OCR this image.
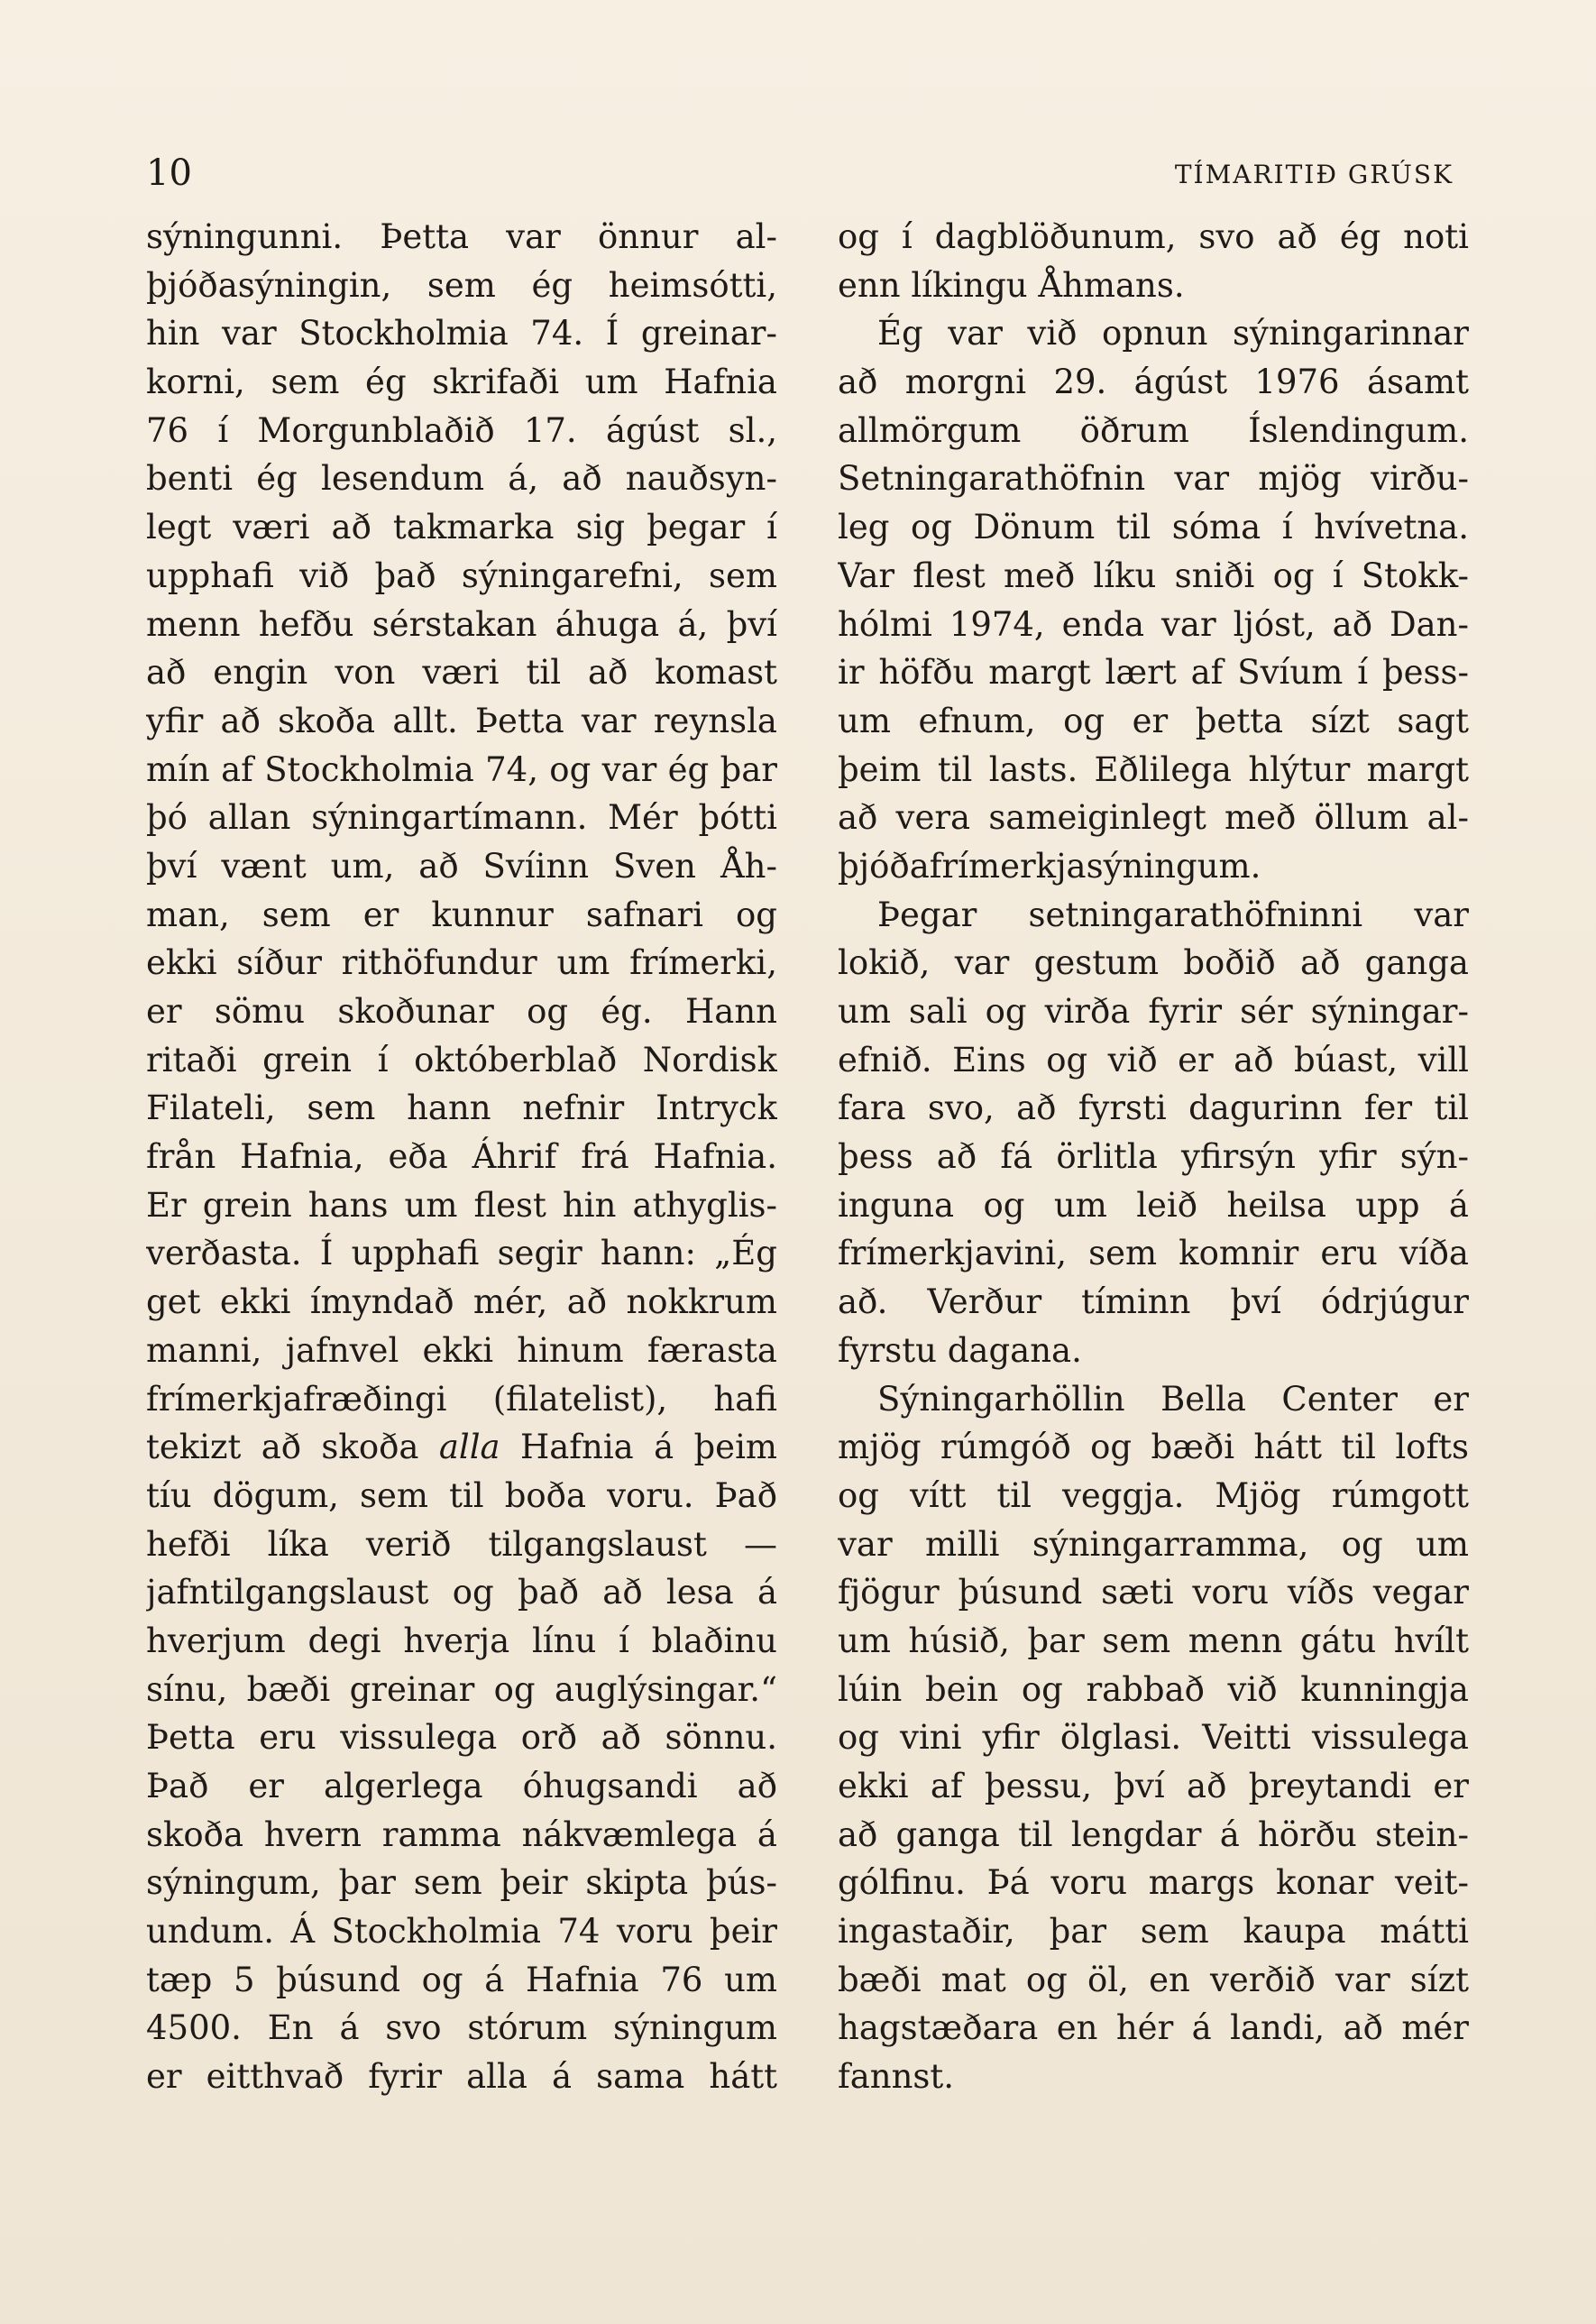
10	TÍMARITIÐ GRÚSK
sýningunni. Þetta var önnur al-
þjóðasýningin, sem ég heimsótti,
hin var Stockholmia 74. Í greinar-
korni, sem ég skrifaði um Hafnia
76 í Morgunblaðið 17. ágúst sl.,
benti ég lesendum á, að nauðsyn-
legt væri að takmarka sig þegar í
upphafi við það sýningarefni, sem
menn hefðu sérstakan áhuga á, því
að engin von væri til að komast
yfir að skoða allt. Þetta var reynsla
mín af Stockholmia 74, og var ég þar
þó allan sýningartímann. Mér þótti
því vænt um, að Svíinn Sven Åh-
man, sem er kunnur safnari og
ekki síður rithöfundur um frímerki,
er sömu skoðunar og ég. Hann
ritaði grein í októberblað Nordisk
Filateli, sem hann nefnir Intryck
från Hafnia, eða Áhrif frá Hafnia.
Er grein hans um flest hin athyglis-
verðasta. Í upphafi segir hann: „Ég
get ekki ímyndað mér, að nokkrum
manni, jafnvel ekki hinum færasta
frímerkjafræðingi (filatelist), hafi
tekizt að skoða alla Hafnia á þeim
tíu dögum, sem til boða voru. Það
hefði líka verið tilgangslaust —
jafntilgangslaust og það að lesa á
hverjum degi hverja línu í blaðinu
sínu, bæði greinar og auglýsingar.“
Þetta eru vissulega orð að sönnu.
Það er algerlega óhugsandi að
skoða hvern ramma nákvæmlega á
sýningum, þar sem þeir skipta þús-
undum. Á Stockholmia 74 voru þeir
tæp 5 þúsund og á Hafnia 76 um
4500. En á svo stórum sýningum
er eitthvað fyrir alla á sama hátt
og í dagblöðunum, svo að ég noti
enn líkingu Åhmans.
Ég var við opnun sýningarinnar
að morgni 29. ágúst 1976 ásamt
allmörgum öðrum Íslendingum.
Setningarathöfnin var mjög virðu-
leg og Dönum til sóma í hvívetna.
Var flest með líku sniði og í Stokk-
hólmi 1974, enda var ljóst, að Dan-
ir höfðu margt lært af Svíum í þess-
um efnum, og er þetta sízt sagt
þeim til lasts. Eðlilega hlýtur margt
að vera sameiginlegt með öllum al-
þjóðafrímerkjasýningum.
Þegar setningarathöfninni var
lokið, var gestum boðið að ganga
um sali og virða fyrir sér sýningar-
efnið. Eins og við er að búast, vill
fara svo, að fyrsti dagurinn fer til
þess að fá örlitla yfirsýn yfir sýn-
inguna og um leið heilsa upp á
frímerkjavini, sem komnir eru víða
að. Verður tíminn því ódrjúgur
fyrstu dagana.
Sýningarhöllin Bella Center er
mjög rúmgóð og bæði hátt til lofts
og vítt til veggja. Mjög rúmgott
var milli sýningarramma, og um
fjögur þúsund sæti voru víðs vegar
um húsið, þar sem menn gátu hvílt
lúin bein og rabbað við kunningja
og vini yfir ölglasi. Veitti vissulega
ekki af þessu, því að þreytandi er
að ganga til lengdar á hörðu stein-
gólfinu. Þá voru margs konar veit-
ingastaðir, þar sem kaupa mátti
bæði mat og öl, en verðið var sízt
hagstæðara en hér á landi, að mér
fannst.
